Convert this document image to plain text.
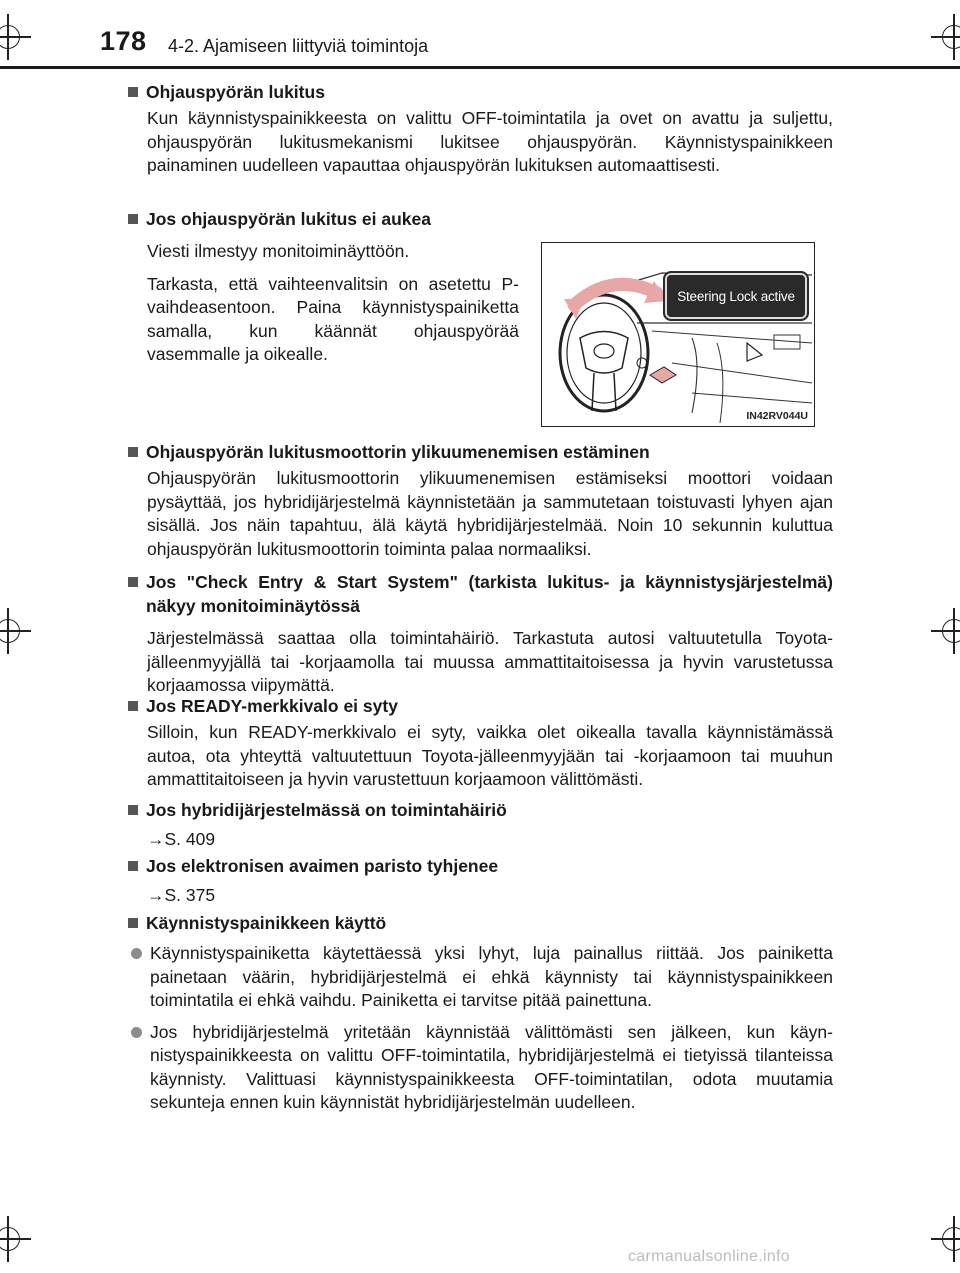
178 4-2. Ajamiseen liittyviä toimintoja
Ohjauspyörän lukitus
Kun käynnistyspainikkeesta on valittu OFF-toimintatila ja ovet on avattu ja suljettu, ohjauspyörän lukitusmekanismi lukitsee ohjauspyörän. Käynnistyspainikkeen painaminen uudelleen vapauttaa ohjauspyörän lukituksen automaattisesti.
Jos ohjauspyörän lukitus ei aukea
Viesti ilmestyy monitoiminäyttöön.
Tarkasta, että vaihteenvalitsin on asetettu P-vaihdeasentoon. Paina käynnistyspainiketta samalla, kun käännät ohjauspyörää vasemmalle ja oikealle.
Steering Lock active
IN42RV044U
Ohjauspyörän lukitusmoottorin ylikuumenemisen estäminen
Ohjauspyörän lukitusmoottorin ylikuumenemisen estämiseksi moottori voidaan pysäyttää, jos hybridijärjestelmä käynnistetään ja sammutetaan toistuvasti lyhyen ajan sisällä. Jos näin tapahtuu, älä käytä hybridijärjestelmää. Noin 10 sekunnin kuluttua ohjauspyörän lukitusmoottorin toiminta palaa normaaliksi.
Jos "Check Entry & Start System" (tarkista lukitus- ja käynnistysjärjestelmä) näkyy monitoiminäytössä
Järjestelmässä saattaa olla toimintahäiriö. Tarkastuta autosi valtuutetulla Toyota-jälleenmyyjällä tai -korjaamolla tai muussa ammattitaitoisessa ja hyvin varustetussa korjaamossa viipymättä.
Jos READY-merkkivalo ei syty
Silloin, kun READY-merkkivalo ei syty, vaikka olet oikealla tavalla käynnistämässä autoa, ota yhteyttä valtuutettuun Toyota-jälleenmyyjään tai -korjaamoon tai muuhun ammattitaitoiseen ja hyvin varustettuun korjaamoon välittömästi.
Jos hybridijärjestelmässä on toimintahäiriö
→S. 409
Jos elektronisen avaimen paristo tyhjenee
→S. 375
Käynnistyspainikkeen käyttö
Käynnistyspainiketta käytettäessä yksi lyhyt, luja painallus riittää. Jos painiketta painetaan väärin, hybridijärjestelmä ei ehkä käynnisty tai käynnistyspainikkeen toimintatila ei ehkä vaihdu. Painiketta ei tarvitse pitää painettuna.
Jos hybridijärjestelmä yritetään käynnistää välittömästi sen jälkeen, kun käynnistyspainikkeesta on valittu OFF-toimintatila, hybridijärjestelmä ei tietyissä tilanteissa käynnisty. Valittuasi käynnistyspainikkeesta OFF-toimintatilan, odota muutamia sekunteja ennen kuin käynnistät hybridijärjestelmän uudelleen.
carmanualsonline.info
